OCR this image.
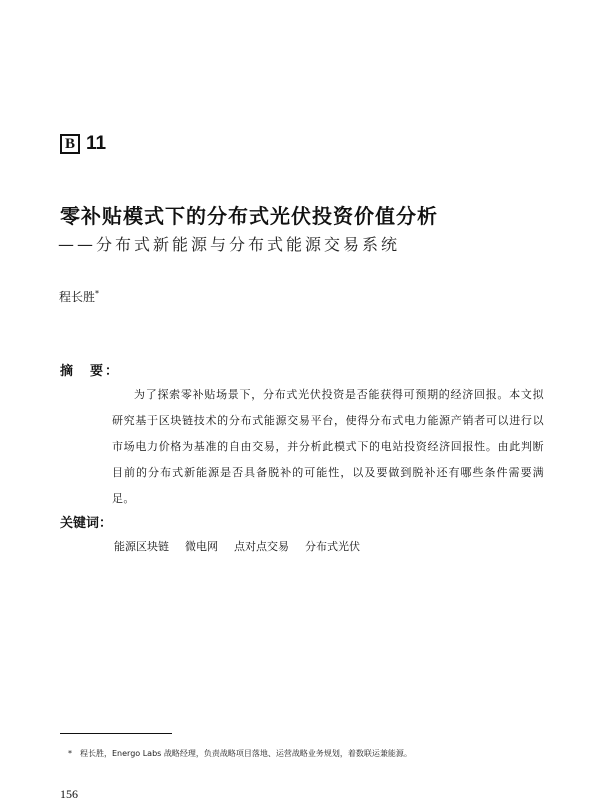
B 11
零补贴模式下的分布式光伏投资价值分析
——分布式新能源与分布式能源交易系统
程长胜*
摘　要：
为了探索零补贴场景下，分布式光伏投资是否能获得可预期的经济回报。本文拟研究基于区块链技术的分布式能源交易平台，使得分布式电力能源产销者可以进行以市场电力价格为基准的自由交易，并分析此模式下的电站投资经济回报性。由此判断目前的分布式新能源是否具备脱补的可能性，以及要做到脱补还有哪些条件需要满足。
关键词：
能源区块链 微电网 点对点交易 分布式光伏
* 程长胜，Energo Labs 战略经理，负责战略项目落地、运营战略业务规划，着数联运兼能源。
156
